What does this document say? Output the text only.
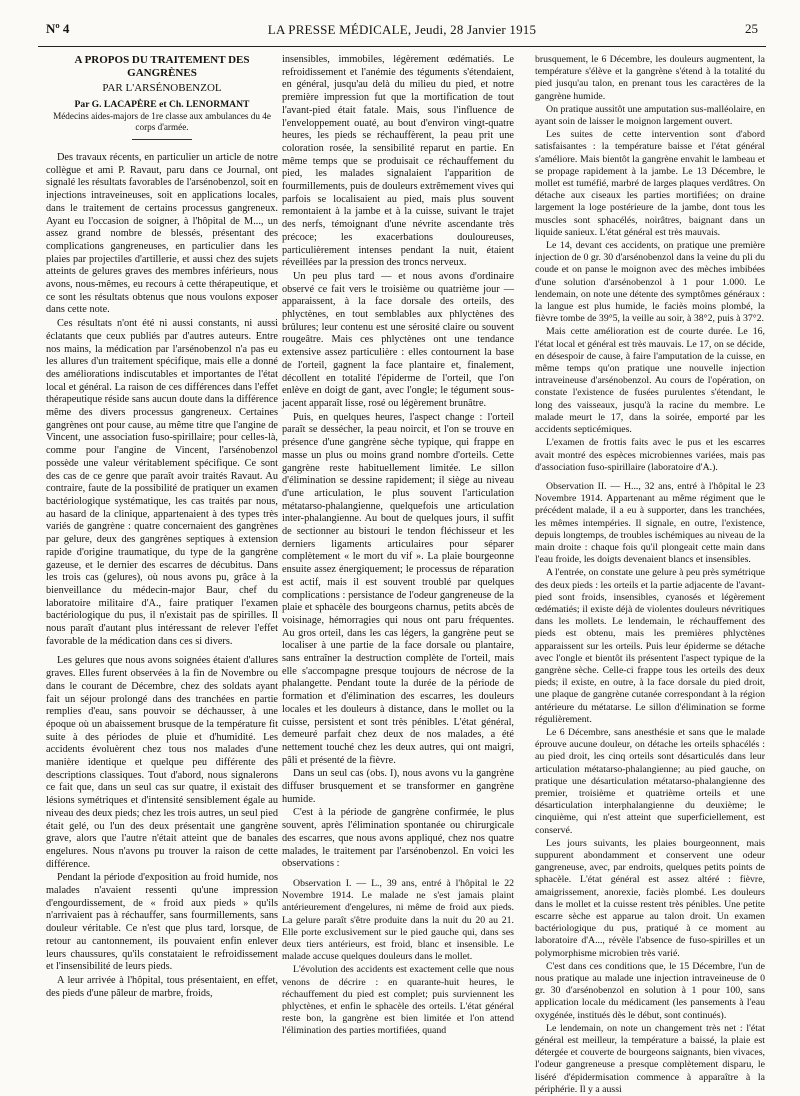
Nº 4	LA PRESSE MÉDICALE, Jeudi, 28 Janvier 1915	25
A PROPOS DU TRAITEMENT DES GANGRÈNES
PAR L'ARSÉNOBENZOL
Par G. LACAPÈRE et Ch. LENORMANT
Médecins aides-majors de 1re classe aux ambulances du 4e corps d'armée.

Des travaux récents, en particulier un article de notre collègue et ami P. Ravaut, paru dans ce Journal, ont signalé les résultats favorables de l'arsénobenzol, soit en injections intraveineuses, soit en applications locales, dans le traitement de certains processus gangreneux. Ayant eu l'occasion de soigner, à l'hôpital de M..., un assez grand nombre de blessés, présentant des complications gangreneuses, en particulier dans les plaies par projectiles d'artillerie, et aussi chez des sujets atteints de gelures graves des membres inférieurs, nous avons, nous-mêmes, eu recours à cette thérapeutique, et ce sont les résultats obtenus que nous voulons exposer dans cette note.

Ces résultats n'ont été ni aussi constants, ni aussi éclatants que ceux publiés par d'autres auteurs. Entre nos mains, la médication par l'arsénobenzol n'a pas eu les allures d'un traitement spécifique, mais elle a donné des améliorations indiscutables et importantes de l'état local et général. La raison de ces différences dans l'effet thérapeutique réside sans aucun doute dans la différence même des divers processus gangreneux. Certaines gangrènes ont pour cause, au même titre que l'angine de Vincent, une association fuso-spirillaire; pour celles-là, comme pour l'angine de Vincent, l'arsénobenzol possède une valeur véritablement spécifique. Ce sont des cas de ce genre que paraît avoir traités Ravaut. Au contraire, faute de la possibilité de pratiquer un examen bactériologique systématique, les cas traités par nous, au hasard de la clinique, appartenaient à des types très variés de gangrène : quatre concernaient des gangrènes par gelure, deux des gangrènes septiques à extension rapide d'origine traumatique, du type de la gangrène gazeuse, et le dernier des escarres de décubitus. Dans les trois cas (gelures), où nous avons pu, grâce à la bienveillance du médecin-major Baur, chef du laboratoire militaire d'A., faire pratiquer l'examen bactériologique du pus, il n'existait pas de spirilles. Il nous paraît d'autant plus intéressant de relever l'effet favorable de la médication dans ces si divers.

Les gelures que nous avons soignées étaient d'allures graves. Elles furent observées à la fin de Novembre ou dans le courant de Décembre, chez des soldats ayant fait un séjour prolongé dans des tranchées en partie remplies d'eau, sans pouvoir se déchausser, à une époque où un abaissement brusque de la température fit suite à des périodes de pluie et d'humidité. Les accidents évoluèrent chez tous nos malades d'une manière identique et quelque peu différente des descriptions classiques. Tout d'abord, nous signalerons ce fait que, dans un seul cas sur quatre, il existait des lésions symétriques et d'intensité sensiblement égale au niveau des deux pieds; chez les trois autres, un seul pied était gelé, ou l'un des deux présentait une gangrène grave, alors que l'autre n'était atteint que de banales engelures. Nous n'avons pu trouver la raison de cette différence.

Pendant la période d'exposition au froid humide, nos malades n'avaient ressenti qu'une impression d'engourdissement, de « froid aux pieds » qu'ils n'arrivaient pas à réchauffer, sans fourmillements, sans douleur véritable. Ce n'est que plus tard, lorsque, de retour au cantonnement, ils pouvaient enfin enlever leurs chaussures, qu'ils constataient le refroidissement et l'insensibilité de leurs pieds.

A leur arrivée à l'hôpital, tous présentaient, en effet, des pieds d'une pâleur de marbre, froids,

insensibles, immobiles, légèrement œdématiés. Le refroidissement et l'anémie des téguments s'étendaient, en général, jusqu'au delà du milieu du pied, et notre première impression fut que la mortification de tout l'avant-pied était fatale. Mais, sous l'influence de l'enveloppement ouaté, au bout d'environ vingt-quatre heures, les pieds se réchauffèrent, la peau prit une coloration rosée, la sensibilité reparut en partie. En même temps que se produisait ce réchauffement du pied, les malades signalaient l'apparition de fourmillements, puis de douleurs extrêmement vives qui parfois se localisaient au pied, mais plus souvent remontaient à la jambe et à la cuisse, suivant le trajet des nerfs, témoignant d'une névrite ascendante très précoce; les exacerbations douloureuses, particulièrement intenses pendant la nuit, étaient réveillées par la pression des troncs nerveux.

Un peu plus tard — et nous avons d'ordinaire observé ce fait vers le troisième ou quatrième jour — apparaissent, à la face dorsale des orteils, des phlyctènes, en tout semblables aux phlyctènes des brûlures; leur contenu est une sérosité claire ou souvent rougeâtre. Mais ces phlyctènes ont une tendance extensive assez particulière : elles contournent la base de l'orteil, gagnent la face plantaire et, finalement, décollent en totalité l'épiderme de l'orteil, que l'on enlève en doigt de gant, avec l'ongle; le tégument sous-jacent apparaît lisse, rosé ou légèrement brunâtre.

Puis, en quelques heures, l'aspect change : l'orteil paraît se dessécher, la peau noircit, et l'on se trouve en présence d'une gangrène sèche typique, qui frappe en masse un plus ou moins grand nombre d'orteils. Cette gangrène reste habituellement limitée. Le sillon d'élimination se dessine rapidement; il siège au niveau d'une articulation, le plus souvent l'articulation métatarso-phalangienne, quelquefois une articulation inter-phalangienne. Au bout de quelques jours, il suffit de sectionner au bistouri le tendon fléchisseur et les derniers ligaments articulaires pour séparer complètement « le mort du vif ». La plaie bourgeonne ensuite assez énergiquement; le processus de réparation est actif, mais il est souvent troublé par quelques complications : persistance de l'odeur gangreneuse de la plaie et sphacèle des bourgeons charnus, petits abcès de voisinage, hémorragies qui nous ont paru fréquentes. Au gros orteil, dans les cas légers, la gangrène peut se localiser à une partie de la face dorsale ou plantaire, sans entraîner la destruction complète de l'orteil, mais elle s'accompagne presque toujours de nécrose de la phalangette. Pendant toute la durée de la période de formation et d'élimination des escarres, les douleurs locales et les douleurs à distance, dans le mollet ou la cuisse, persistent et sont très pénibles. L'état général, demeuré parfait chez deux de nos malades, a été nettement touché chez les deux autres, qui ont maigri, pâli et présenté de la fièvre.

Dans un seul cas (obs. I), nous avons vu la gangrène diffuser brusquement et se transformer en gangrène humide.

C'est à la période de gangrène confirmée, le plus souvent, après l'élimination spontanée ou chirurgicale des escarres, que nous avons appliqué, chez nos quatre malades, le traitement par l'arsénobenzol. En voici les observations :

Observation I. — L., 39 ans, entré à l'hôpital le 22 Novembre 1914. Le malade ne s'est jamais plaint antérieurement d'engelures, ni même de froid aux pieds. La gelure paraît s'être produite dans la nuit du 20 au 21. Elle porte exclusivement sur le pied gauche qui, dans ses deux tiers antérieurs, est froid, blanc et insensible. Le malade accuse quelques douleurs dans le mollet.

L'évolution des accidents est exactement celle que nous venons de décrire : en quarante-huit heures, le réchauffement du pied est complet; puis surviennent les phlyctènes, et enfin le sphacèle des orteils. L'état général reste bon, la gangrène est bien limitée et l'on attend l'élimination des parties mortifiées, quand

brusquement, le 6 Décembre, les douleurs augmentent, la température s'élève et la gangrène s'étend à la totalité du pied jusqu'au talon, en prenant tous les caractères de la gangrène humide.

On pratique aussitôt une amputation sus-malléolaire, en ayant soin de laisser le moignon largement ouvert.

Les suites de cette intervention sont d'abord satisfaisantes : la température baisse et l'état général s'améliore. Mais bientôt la gangrène envahit le lambeau et se propage rapidement à la jambe. Le 13 Décembre, le mollet est tuméfié, marbré de larges plaques verdâtres. On détache aux ciseaux les parties mortifiées; on draine largement la loge postérieure de la jambe, dont tous les muscles sont sphacélés, noirâtres, baignant dans un liquide sanieux. L'état général est très mauvais.

Le 14, devant ces accidents, on pratique une première injection de 0 gr. 30 d'arsénobenzol dans la veine du pli du coude et on panse le moignon avec des mèches imbibées d'une solution d'arsénobenzol à 1 pour 1.000. Le lendemain, on note une détente des symptômes généraux : la langue est plus humide, le faciès moins plombé, la fièvre tombe de 39°5, la veille au soir, à 38°2, puis à 37°2.

Mais cette amélioration est de courte durée. Le 16, l'état local et général est très mauvais. Le 17, on se décide, en désespoir de cause, à faire l'amputation de la cuisse, en même temps qu'on pratique une nouvelle injection intraveineuse d'arsénobenzol. Au cours de l'opération, on constate l'existence de fusées purulentes s'étendant, le long des vaisseaux, jusqu'à la racine du membre. Le malade meurt le 17, dans la soirée, emporté par les accidents septicémiques.

L'examen de frottis faits avec le pus et les escarres avait montré des espèces microbiennes variées, mais pas d'association fuso-spirillaire (laboratoire d'A.).

Observation II. — H..., 32 ans, entré à l'hôpital le 23 Novembre 1914. Appartenant au même régiment que le précédent malade, il a eu à supporter, dans les tranchées, les mêmes intempéries. Il signale, en outre, l'existence, depuis longtemps, de troubles ischémiques au niveau de la main droite : chaque fois qu'il plongeait cette main dans l'eau froide, les doigts devenaient blancs et insensibles.

A l'entrée, on constate une gelure à peu près symétrique des deux pieds : les orteils et la partie adjacente de l'avant-pied sont froids, insensibles, cyanosés et légèrement œdématiés; il existe déjà de violentes douleurs névritiques dans les mollets. Le lendemain, le réchauffement des pieds est obtenu, mais les premières phlyctènes apparaissent sur les orteils. Puis leur épiderme se détache avec l'ongle et bientôt ils présentent l'aspect typique de la gangrène sèche. Celle-ci frappe tous les orteils des deux pieds; il existe, en outre, à la face dorsale du pied droit, une plaque de gangrène cutanée correspondant à la région antérieure du métatarse. Le sillon d'élimination se forme régulièrement.

Le 6 Décembre, sans anesthésie et sans que le malade éprouve aucune douleur, on détache les orteils sphacélés : au pied droit, les cinq orteils sont désarticulés dans leur articulation métatarso-phalangienne; au pied gauche, on pratique une désarticulation métatarso-phalangienne des premier, troisième et quatrième orteils et une désarticulation interphalangienne du deuxième; le cinquième, qui n'est atteint que superficiellement, est conservé.

Les jours suivants, les plaies bourgeonnent, mais suppurent abondamment et conservent une odeur gangreneuse, avec, par endroits, quelques petits points de sphacèle. L'état général est assez altéré : fièvre, amaigrissement, anorexie, faciès plombé. Les douleurs dans le mollet et la cuisse restent très pénibles. Une petite escarre sèche est apparue au talon droit. Un examen bactériologique du pus, pratiqué à ce moment au laboratoire d'A..., révèle l'absence de fuso-spirilles et un polymorphisme microbien très varié.

C'est dans ces conditions que, le 15 Décembre, l'un de nous pratique au malade une injection intraveineuse de 0 gr. 30 d'arsénobenzol en solution à 1 pour 100, sans application locale du médicament (les pansements à l'eau oxygénée, institués dès le début, sont continués).

Le lendemain, on note un changement très net : l'état général est meilleur, la température a baissé, la plaie est détergée et couverte de bourgeons saignants, bien vivaces, l'odeur gangreneuse a presque complètement disparu, le liséré d'épidermisation commence à apparaître à la périphérie. Il y a aussi
